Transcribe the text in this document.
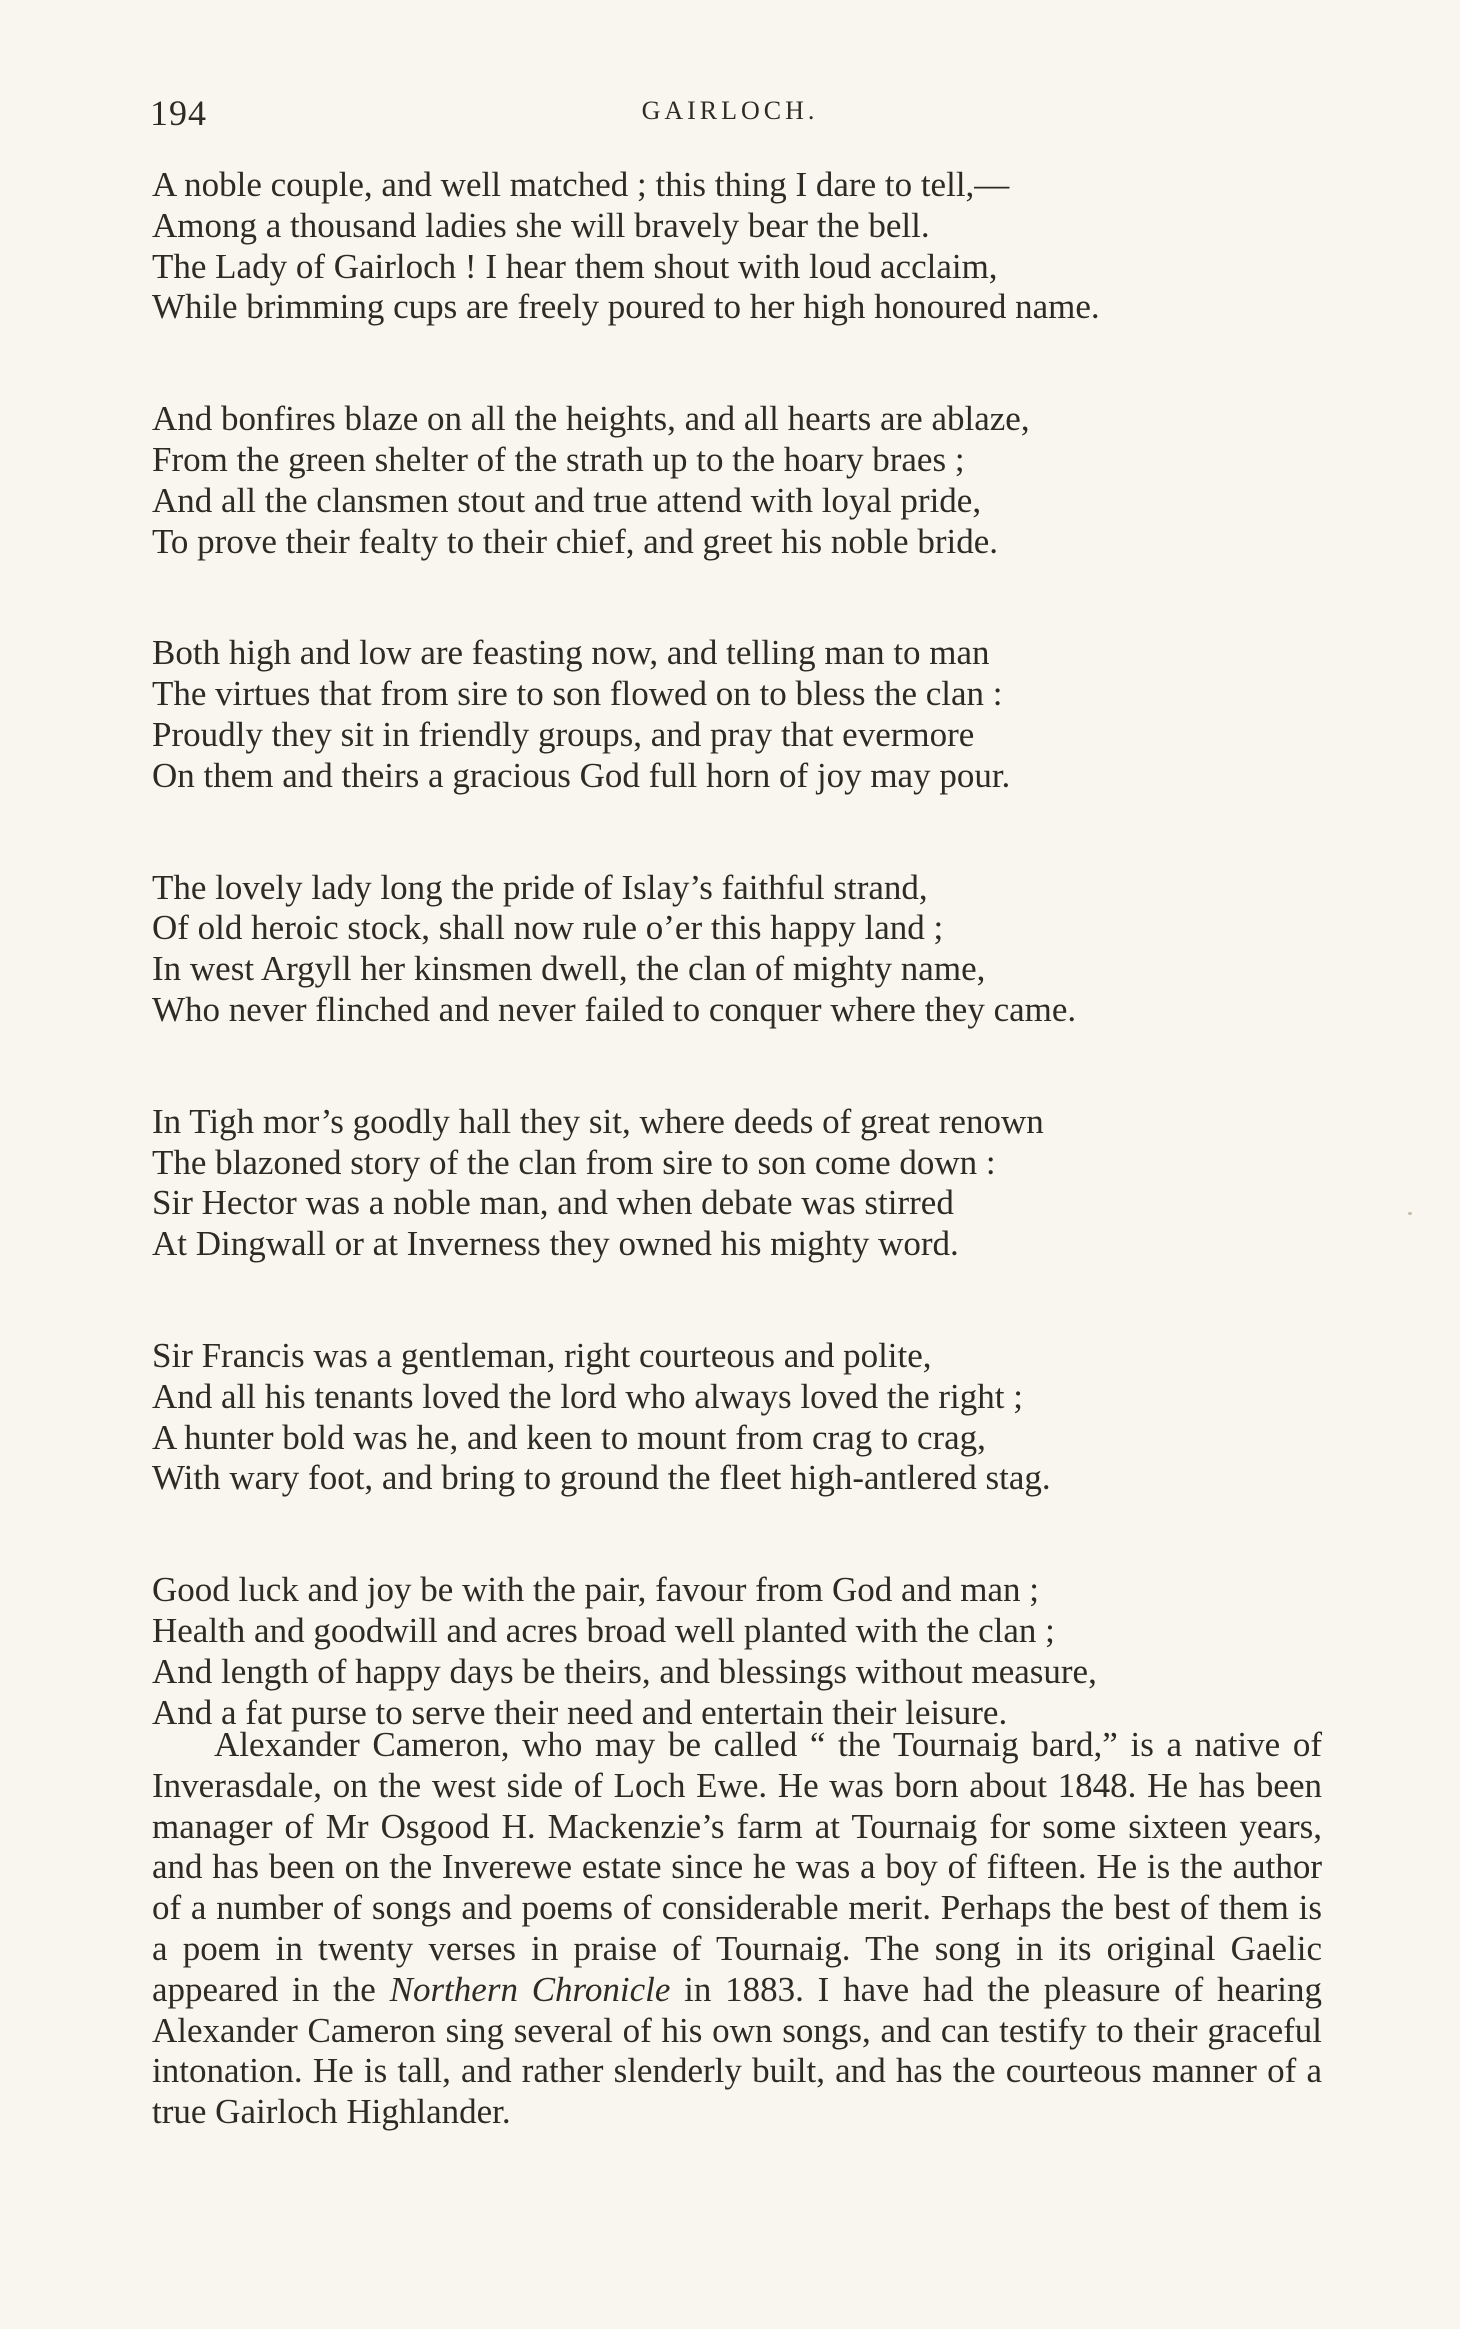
194	GAIRLOCH.
A noble couple, and well matched ; this thing I dare to tell,—
Among a thousand ladies she will bravely bear the bell.
The Lady of Gairloch ! I hear them shout with loud acclaim,
While brimming cups are freely poured to her high honoured name.
And bonfires blaze on all the heights, and all hearts are ablaze,
From the green shelter of the strath up to the hoary braes ;
And all the clansmen stout and true attend with loyal pride,
To prove their fealty to their chief, and greet his noble bride.
Both high and low are feasting now, and telling man to man
The virtues that from sire to son flowed on to bless the clan :
Proudly they sit in friendly groups, and pray that evermore
On them and theirs a gracious God full horn of joy may pour.
The lovely lady long the pride of Islay’s faithful strand,
Of old heroic stock, shall now rule o’er this happy land ;
In west Argyll her kinsmen dwell, the clan of mighty name,
Who never flinched and never failed to conquer where they came.
In Tigh mor’s goodly hall they sit, where deeds of great renown
The blazoned story of the clan from sire to son come down :
Sir Hector was a noble man, and when debate was stirred
At Dingwall or at Inverness they owned his mighty word.
Sir Francis was a gentleman, right courteous and polite,
And all his tenants loved the lord who always loved the right ;
A hunter bold was he, and keen to mount from crag to crag,
With wary foot, and bring to ground the fleet high-antlered stag.
Good luck and joy be with the pair, favour from God and man ;
Health and goodwill and acres broad well planted with the clan ;
And length of happy days be theirs, and blessings without measure,
And a fat purse to serve their need and entertain their leisure.

Alexander Cameron, who may be called “ the Tournaig bard,” is a native of Inverasdale, on the west side of Loch Ewe. He was born about 1848. He has been manager of Mr Osgood H. Mackenzie’s farm at Tournaig for some sixteen years, and has been on the Inverewe estate since he was a boy of fifteen. He is the author of a number of songs and poems of considerable merit. Perhaps the best of them is a poem in twenty verses in praise of Tournaig. The song in its original Gaelic appeared in the Northern Chronicle in 1883. I have had the pleasure of hearing Alexander Cameron sing several of his own songs, and can testify to their graceful intonation. He is tall, and rather slenderly built, and has the courteous manner of a true Gairloch Highlander.
